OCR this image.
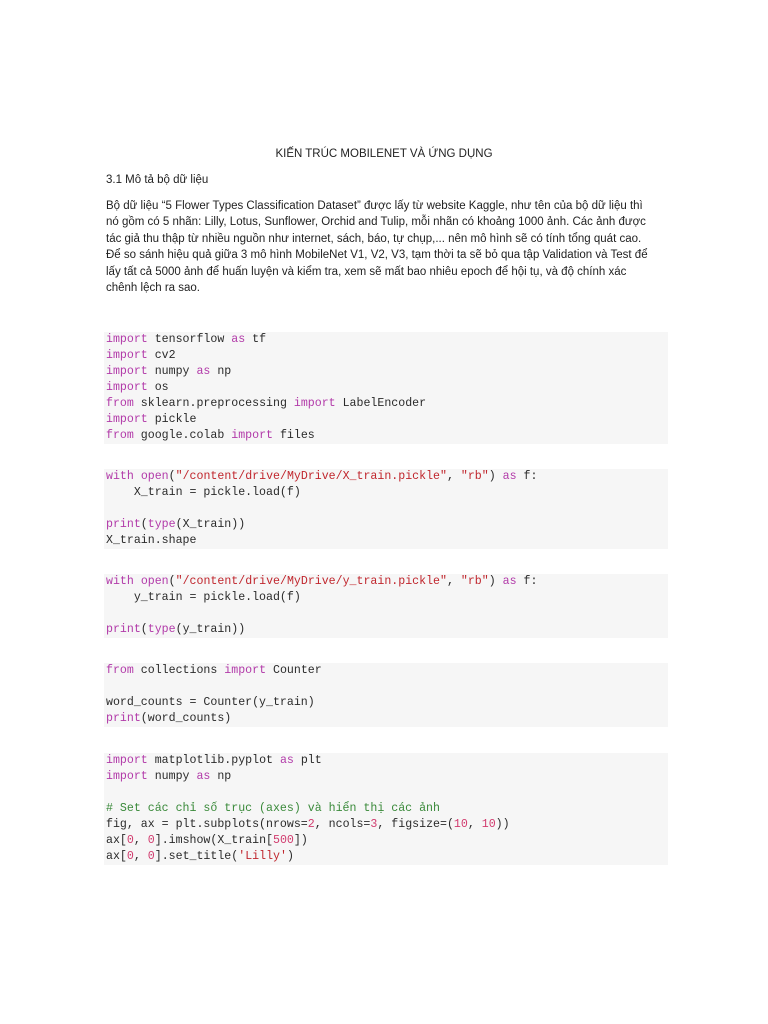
KIẾN TRÚC MOBILENET VÀ ỨNG DỤNG
3.1 Mô tả bộ dữ liệu
Bộ dữ liệu “5 Flower Types Classification Dataset” được lấy từ website Kaggle, như tên của bộ dữ liệu thì
nó gồm có 5 nhãn: Lilly, Lotus, Sunflower, Orchid and Tulip, mỗi nhãn có khoảng 1000 ảnh. Các ảnh được
tác giả thu thập từ nhiều nguồn như internet, sách, báo, tự chụp,... nên mô hình sẽ có tính tổng quát cao.
Để so sánh hiệu quả giữa 3 mô hình MobileNet V1, V2, V3, tạm thời ta sẽ bỏ qua tập Validation và Test để
lấy tất cả 5000 ảnh để huấn luyện và kiểm tra, xem sẽ mất bao nhiêu epoch để hội tụ, và độ chính xác
chênh lệch ra sao.
import tensorflow as tf
import cv2
import numpy as np
import os
from sklearn.preprocessing import LabelEncoder
import pickle
from google.colab import files
with open("/content/drive/MyDrive/X_train.pickle", "rb") as f:
X_train = pickle.load(f)
print(type(X_train))
X_train.shape
with open("/content/drive/MyDrive/y_train.pickle", "rb") as f:
y_train = pickle.load(f)
print(type(y_train))
from collections import Counter
word_counts = Counter(y_train)
print(word_counts)
import matplotlib.pyplot as plt
import numpy as np
# Set các chỉ số trục (axes) và hiển thị các ảnh
fig, ax = plt.subplots(nrows=2, ncols=3, figsize=(10, 10))
ax[0, 0].imshow(X_train[500])
ax[0, 0].set_title('Lilly')
